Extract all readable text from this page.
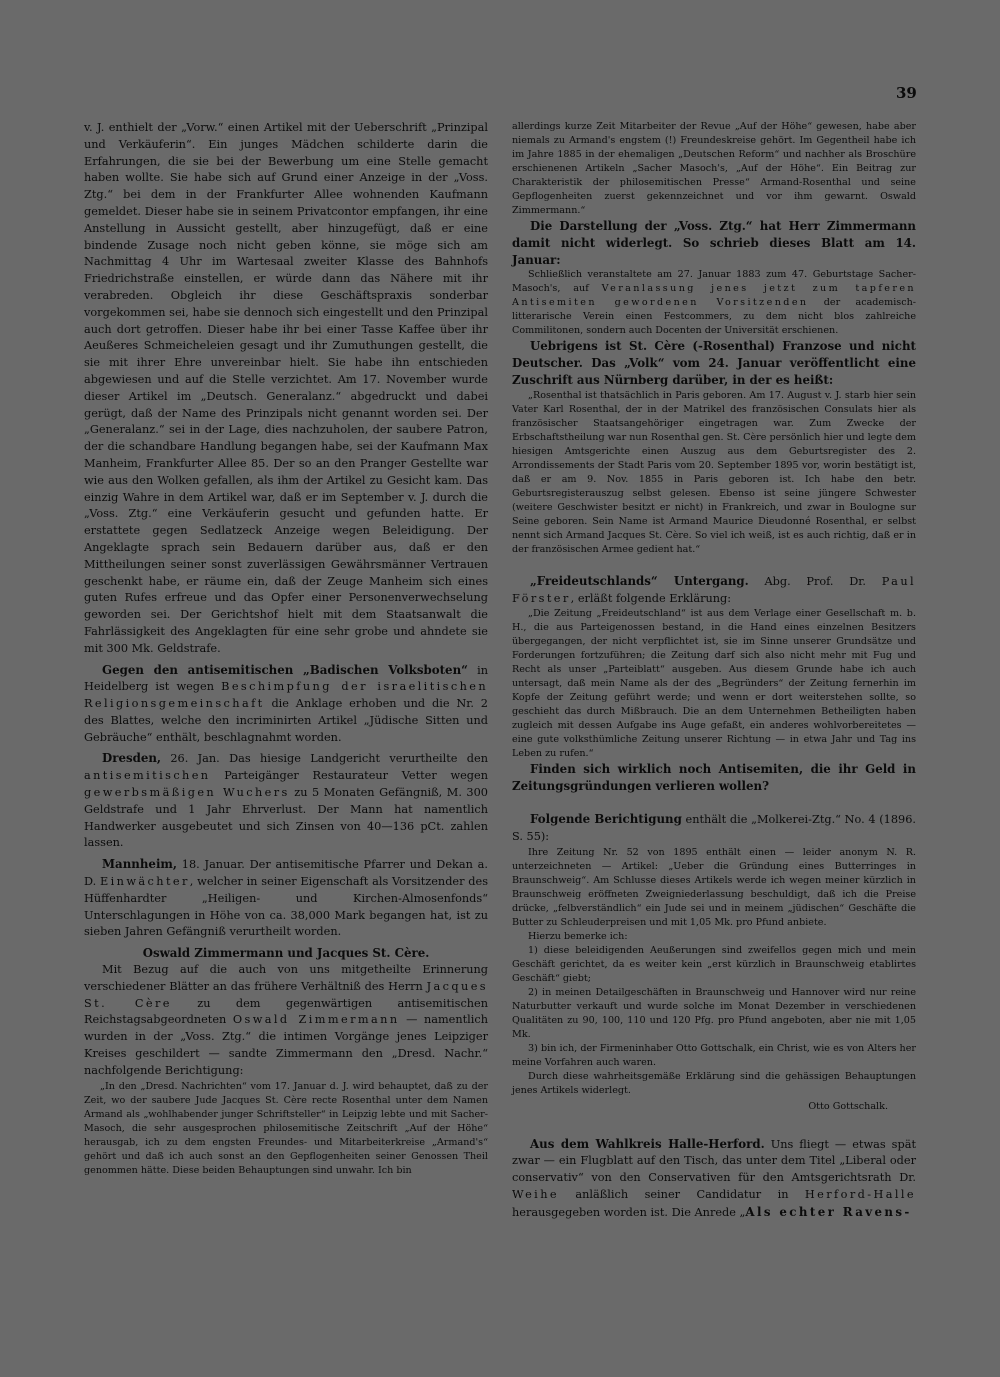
39

v. J. enthielt der „Vorw.“ einen Artikel mit der Ueberschrift „Prinzipal und Verkäuferin“. Ein junges Mädchen schilderte darin die Erfahrungen, die sie bei der Bewerbung um eine Stelle gemacht haben wollte. Sie habe sich auf Grund einer Anzeige in der „Voss. Ztg.“ bei dem in der Frankfurter Allee wohnenden Kaufmann gemeldet. Dieser habe sie in seinem Privatcontor empfangen, ihr eine Anstellung in Aussicht gestellt, aber hinzugefügt, daß er eine bindende Zusage noch nicht geben könne, sie möge sich am Nachmittag 4 Uhr im Wartesaal zweiter Klasse des Bahnhofs Friedrichstraße einstellen, er würde dann das Nähere mit ihr verabreden. Obgleich ihr diese Geschäftspraxis sonderbar vorgekommen sei, habe sie dennoch sich eingestellt und den Prinzipal auch dort getroffen. Dieser habe ihr bei einer Tasse Kaffee über ihr Aeußeres Schmeicheleien gesagt und ihr Zumuthungen gestellt, die sie mit ihrer Ehre unvereinbar hielt. Sie habe ihn entschieden abgewiesen und auf die Stelle verzichtet. Am 17. November wurde dieser Artikel im „Deutsch. Generalanz.“ abgedruckt und dabei gerügt, daß der Name des Prinzipals nicht genannt worden sei. Der „Generalanz.“ sei in der Lage, dies nachzuholen, der saubere Patron, der die schandbare Handlung begangen habe, sei der Kaufmann Max Manheim, Frankfurter Allee 85. Der so an den Pranger Gestellte war wie aus den Wolken gefallen, als ihm der Artikel zu Gesicht kam. Das einzig Wahre in dem Artikel war, daß er im September v. J. durch die „Voss. Ztg.“ eine Verkäuferin gesucht und gefunden hatte. Er erstattete gegen Sedlatzeck Anzeige wegen Beleidigung. Der Angeklagte sprach sein Bedauern darüber aus, daß er den Mittheilungen seiner sonst zuverlässigen Gewährsmänner Vertrauen geschenkt habe, er räume ein, daß der Zeuge Manheim sich eines guten Rufes erfreue und das Opfer einer Personenverwechselung geworden sei. Der Gerichtshof hielt mit dem Staatsanwalt die Fahrlässigkeit des Angeklagten für eine sehr grobe und ahndete sie mit 300 Mk. Geldstrafe.

Gegen den antisemitischen „Badischen Volksboten“ in Heidelberg ist wegen Beschimpfung der israelitischen Religionsgemeinschaft die Anklage erhoben und die Nr. 2 des Blattes, welche den incriminirten Artikel „Jüdische Sitten und Gebräuche“ enthält, beschlagnahmt worden.

Dresden, 26. Jan. Das hiesige Landgericht verurtheilte den antisemitischen Parteigänger Restaurateur Vetter wegen gewerbsmäßigen Wuchers zu 5 Monaten Gefängniß, M. 300 Geldstrafe und 1 Jahr Ehrverlust. Der Mann hat namentlich Handwerker ausgebeutet und sich Zinsen von 40—136 pCt. zahlen lassen.

Mannheim, 18. Januar. Der antisemitische Pfarrer und Dekan a. D. Einwächter, welcher in seiner Eigenschaft als Vorsitzender des Hüffenhardter „Heiligen- und Kirchen-Almosenfonds“ Unterschlagungen in Höhe von ca. 38,000 Mark begangen hat, ist zu sieben Jahren Gefängniß verurtheilt worden.

Oswald Zimmermann und Jacques St. Cère.

Mit Bezug auf die auch von uns mitgetheilte Erinnerung verschiedener Blätter an das frühere Verhältniß des Herrn Jacques St. Cère zu dem gegenwärtigen antisemitischen Reichstagsabgeordneten Oswald Zimmermann — namentlich wurden in der „Voss. Ztg.“ die intimen Vorgänge jenes Leipziger Kreises geschildert — sandte Zimmermann den „Dresd. Nachr.“ nachfolgende Berichtigung:

„In den „Dresd. Nachrichten“ vom 17. Januar d. J. wird behauptet, daß zu der Zeit, wo der saubere Jude Jacques St. Cère recte Rosenthal unter dem Namen Armand als „wohlhabender junger Schriftsteller“ in Leipzig lebte und mit Sacher-Masoch, die sehr ausgesprochen philosemitische Zeitschrift „Auf der Höhe“ herausgab, ich zu dem engsten Freundes- und Mitarbeiterkreise „Armand's“ gehört und daß ich auch sonst an den Gepflogenheiten seiner Genossen Theil genommen hätte. Diese beiden Behauptungen sind unwahr. Ich bin

allerdings kurze Zeit Mitarbeiter der Revue „Auf der Höhe“ gewesen, habe aber niemals zu Armand's engstem (!) Freundeskreise gehört. Im Gegentheil habe ich im Jahre 1885 in der ehemaligen „Deutschen Reform“ und nachher als Broschüre erschienenen Artikeln „Sacher Masoch's, „Auf der Höhe“. Ein Beitrag zur Charakteristik der philosemitischen Presse“ Armand-Rosenthal und seine Gepflogenheiten zuerst gekennzeichnet und vor ihm gewarnt. Oswald Zimmermann.“

Die Darstellung der „Voss. Ztg.“ hat Herr Zimmermann damit nicht widerlegt. So schrieb dieses Blatt am 14. Januar:

Schließlich veranstaltete am 27. Januar 1883 zum 47. Geburtstage Sacher-Masoch's, auf Veranlassung jenes jetzt zum tapferen Antisemiten gewordenen Vorsitzenden der academisch-litterarische Verein einen Festcommers, zu dem nicht blos zahlreiche Commilitonen, sondern auch Docenten der Universität erschienen.

Uebrigens ist St. Cère (-Rosenthal) Franzose und nicht Deutscher. Das „Volk“ vom 24. Januar veröffentlicht eine Zuschrift aus Nürnberg darüber, in der es heißt:

„Rosenthal ist thatsächlich in Paris geboren. Am 17. August v. J. starb hier sein Vater Karl Rosenthal, der in der Matrikel des französischen Consulats hier als französischer Staatsangehöriger eingetragen war. Zum Zwecke der Erbschaftstheilung war nun Rosenthal gen. St. Cère persönlich hier und legte dem hiesigen Amtsgerichte einen Auszug aus dem Geburtsregister des 2. Arrondissements der Stadt Paris vom 20. September 1895 vor, worin bestätigt ist, daß er am 9. Nov. 1855 in Paris geboren ist. Ich habe den betr. Geburtsregisterauszug selbst gelesen. Ebenso ist seine jüngere Schwester (weitere Geschwister besitzt er nicht) in Frankreich, und zwar in Boulogne sur Seine geboren. Sein Name ist Armand Maurice Dieudonné Rosenthal, er selbst nennt sich Armand Jacques St. Cère. So viel ich weiß, ist es auch richtig, daß er in der französischen Armee gedient hat.“

„Freideutschlands“ Untergang. Abg. Prof. Dr. Paul Förster, erläßt folgende Erklärung:

„Die Zeitung „Freideutschland“ ist aus dem Verlage einer Gesellschaft m. b. H., die aus Parteigenossen bestand, in die Hand eines einzelnen Besitzers übergegangen, der nicht verpflichtet ist, sie im Sinne unserer Grundsätze und Forderungen fortzuführen; die Zeitung darf sich also nicht mehr mit Fug und Recht als unser „Parteiblatt“ ausgeben. Aus diesem Grunde habe ich auch untersagt, daß mein Name als der des „Begründers“ der Zeitung fernerhin im Kopfe der Zeitung geführt werde; und wenn er dort weiterstehen sollte, so geschieht das durch Mißbrauch. Die an dem Unternehmen Betheiligten haben zugleich mit dessen Aufgabe ins Auge gefaßt, ein anderes wohlvorbereitetes — eine gute volksthümliche Zeitung unserer Richtung — in etwa Jahr und Tag ins Leben zu rufen.“

Finden sich wirklich noch Antisemiten, die ihr Geld in Zeitungsgründungen verlieren wollen?

Folgende Berichtigung enthält die „Molkerei-Ztg.“ No. 4 (1896. S. 55):

Ihre Zeitung Nr. 52 von 1895 enthält einen — leider anonym N. R. unterzeichneten — Artikel: „Ueber die Gründung eines Butterringes in Braunschweig“. Am Schlusse dieses Artikels werde ich wegen meiner kürzlich in Braunschweig eröffneten Zweigniederlassung beschuldigt, daß ich die Preise drücke, „felbverständlich“ ein Jude sei und in meinem „jüdischen“ Geschäfte die Butter zu Schleuderpreisen und mit 1,05 Mk. pro Pfund anbiete.

Hierzu bemerke ich:

1) diese beleidigenden Aeußerungen sind zweifellos gegen mich und mein Geschäft gerichtet, da es weiter kein „erst kürzlich in Braunschweig etablirtes Geschäft“ giebt;

2) in meinen Detailgeschäften in Braunschweig und Hannover wird nur reine Naturbutter verkauft und wurde solche im Monat Dezember in verschiedenen Qualitäten zu 90, 100, 110 und 120 Pfg. pro Pfund angeboten, aber nie mit 1,05 Mk.

3) bin ich, der Firmeninhaber Otto Gottschalk, ein Christ, wie es von Alters her meine Vorfahren auch waren.

Durch diese wahrheitsgemäße Erklärung sind die gehässigen Behauptungen jenes Artikels widerlegt.

Otto Gottschalk.

Aus dem Wahlkreis Halle-Herford. Uns fliegt — etwas spät zwar — ein Flugblatt auf den Tisch, das unter dem Titel „Liberal oder conservativ“ von den Conservativen für den Amtsgerichtsrath Dr. Weihe anläßlich seiner Candidatur in Herford-Halle herausgegeben worden ist. Die Anrede „Als echter Ravens-
